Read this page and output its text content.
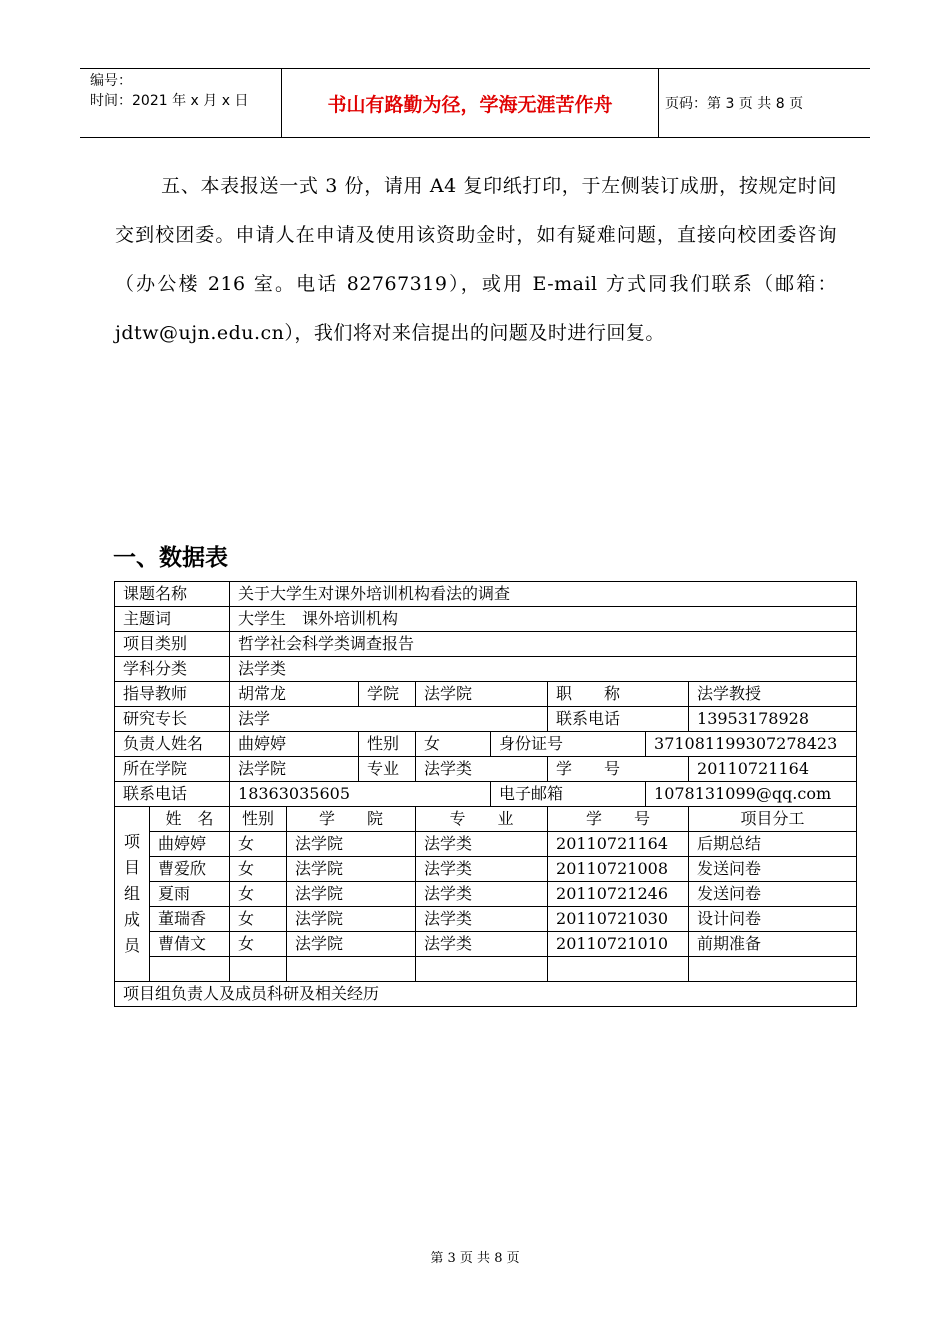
编号：
时间：2021 年 x 月 x 日	书山有路勤为径，学海无涯苦作舟	页码：第 3 页 共 8 页
五、本表报送一式 3 份，请用 A4 复印纸打印，于左侧装订成册，按规定时间交到校团委。申请人在申请及使用该资助金时，如有疑难问题，直接向校团委咨询（办公楼 216 室。电话 82767319），或用 E-mail 方式同我们联系（邮箱：jdtw@ujn.edu.cn），我们将对来信提出的问题及时进行回复。
一、数据表
课题名称		关于大学生对课外培训机构看法的调查							
主题词		大学生　课外培训机构							
项目类别		哲学社会科学类调查报告							
学科分类		法学类							
指导教师		胡常龙		学院	法学院		职　　称		法学教授
研究专长		法学					联系电话		13953178928
负责人姓名		曲婷婷		性别	女	身份证号		371081199307278423	
所在学院		法学院		专业	法学类		学　　号		20110721164
联系电话		18363035605				电子邮箱		1078131099@qq.com	

项
目
组
成
员	姓　名	性别	学　　院		专　　业		学　　号		项目分工
	曲婷婷	女	法学院		法学类		20110721164		后期总结
	曹爱欣	女	法学院		法学类		20110721008		发送问卷
	夏雨	女	法学院		法学类		20110721246		发送问卷
	董瑞香	女	法学院		法学类		20110721030		设计问卷
	曹倩文	女	法学院		法学类		20110721010		前期准备

项目组负责人及成员科研及相关经历									
第 3 页 共 8 页
